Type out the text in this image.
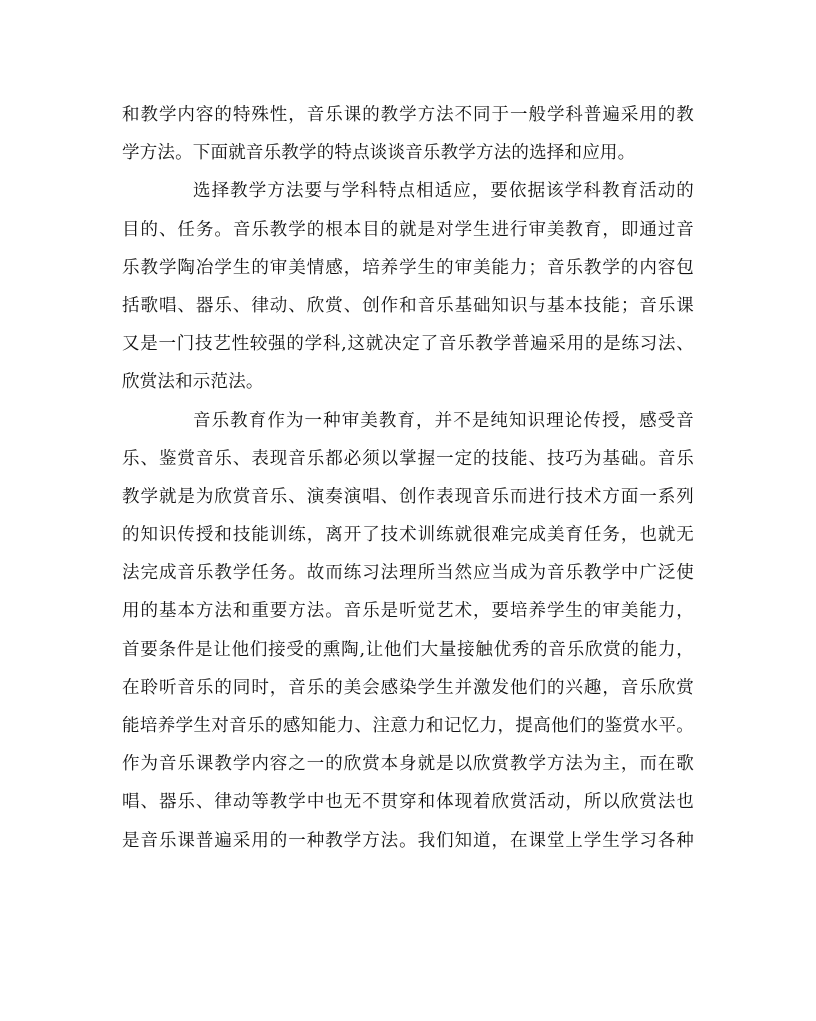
和教学内容的特殊性，音乐课的教学方法不同于一般学科普遍采用的教
学方法。下面就音乐教学的特点谈谈音乐教学方法的选择和应用。
选择教学方法要与学科特点相适应，要依据该学科教育活动的
目的、任务。音乐教学的根本目的就是对学生进行审美教育，即通过音
乐教学陶冶学生的审美情感，培养学生的审美能力；音乐教学的内容包
括歌唱、器乐、律动、欣赏、创作和音乐基础知识与基本技能；音乐课
又是一门技艺性较强的学科,这就决定了音乐教学普遍采用的是练习法、
欣赏法和示范法。
音乐教育作为一种审美教育，并不是纯知识理论传授，感受音
乐、鉴赏音乐、表现音乐都必须以掌握一定的技能、技巧为基础。音乐
教学就是为欣赏音乐、演奏演唱、创作表现音乐而进行技术方面一系列
的知识传授和技能训练，离开了技术训练就很难完成美育任务，也就无
法完成音乐教学任务。故而练习法理所当然应当成为音乐教学中广泛使
用的基本方法和重要方法。音乐是听觉艺术，要培养学生的审美能力，
首要条件是让他们接受的熏陶,让他们大量接触优秀的音乐欣赏的能力，
在聆听音乐的同时，音乐的美会感染学生并激发他们的兴趣，音乐欣赏
能培养学生对音乐的感知能力、注意力和记忆力，提高他们的鉴赏水平。
作为音乐课教学内容之一的欣赏本身就是以欣赏教学方法为主，而在歌
唱、器乐、律动等教学中也无不贯穿和体现着欣赏活动，所以欣赏法也
是音乐课普遍采用的一种教学方法。我们知道，在课堂上学生学习各种
